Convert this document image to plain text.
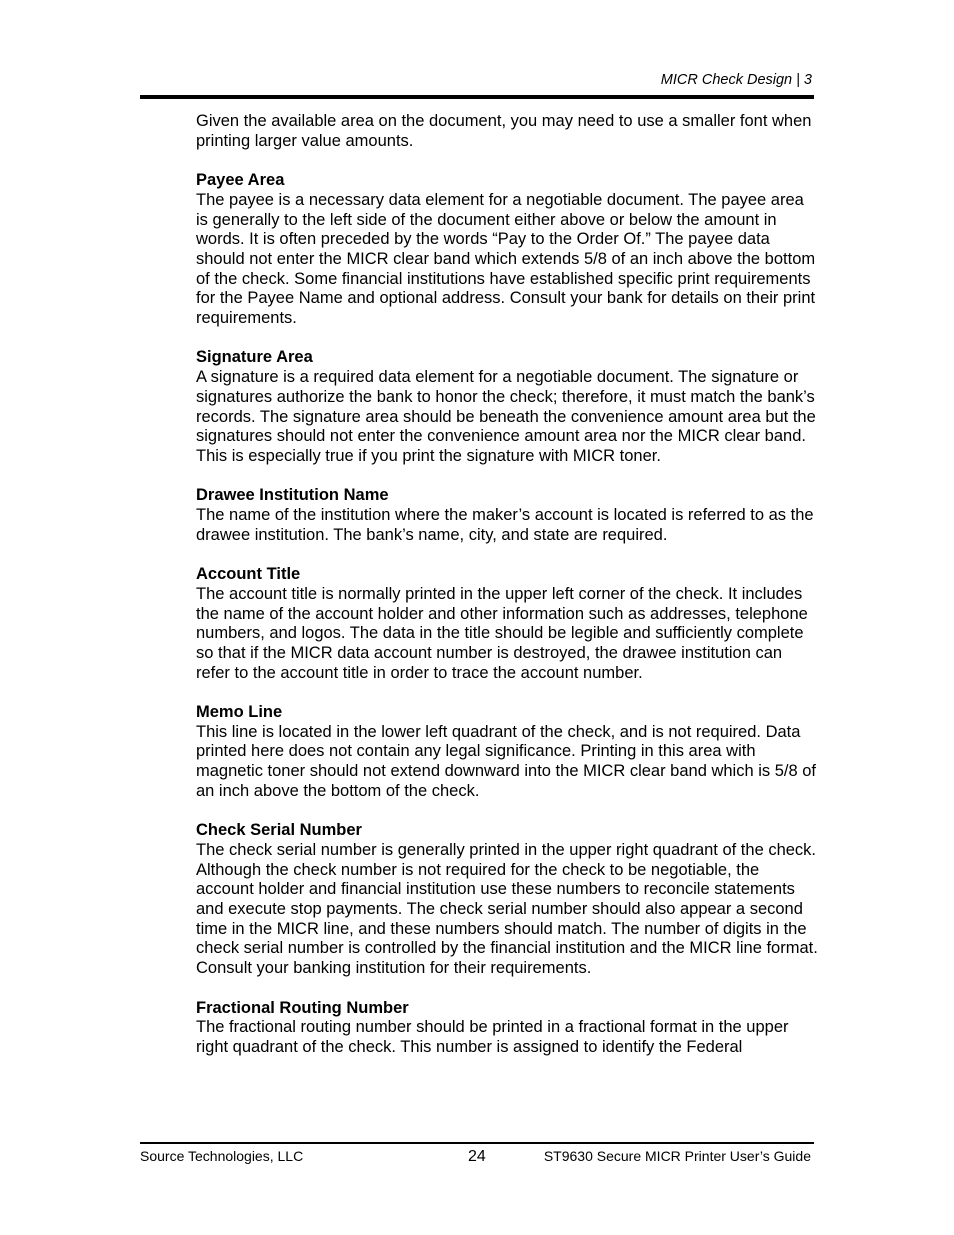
MICR Check Design | 3

Given the available area on the document, you may need to use a smaller font when printing larger value amounts.

Payee Area

The payee is a necessary data element for a negotiable document. The payee area is generally to the left side of the document either above or below the amount in words. It is often preceded by the words “Pay to the Order Of.” The payee data should not enter the MICR clear band which extends 5/8 of an inch above the bottom of the check. Some financial institutions have established specific print requirements for the Payee Name and optional address. Consult your bank for details on their print requirements.

Signature Area

A signature is a required data element for a negotiable document. The signature or signatures authorize the bank to honor the check; therefore, it must match the bank’s records. The signature area should be beneath the convenience amount area but the signatures should not enter the convenience amount area nor the MICR clear band. This is especially true if you print the signature with MICR toner.

Drawee Institution Name

The name of the institution where the maker’s account is located is referred to as the drawee institution. The bank’s name, city, and state are required.

Account Title

The account title is normally printed in the upper left corner of the check. It includes the name of the account holder and other information such as addresses, telephone numbers, and logos. The data in the title should be legible and sufficiently complete so that if the MICR data account number is destroyed, the drawee institution can refer to the account title in order to trace the account number.

Memo Line

This line is located in the lower left quadrant of the check, and is not required. Data printed here does not contain any legal significance. Printing in this area with magnetic toner should not extend downward into the MICR clear band which is 5/8 of an inch above the bottom of the check.

Check Serial Number

The check serial number is generally printed in the upper right quadrant of the check. Although the check number is not required for the check to be negotiable, the account holder and financial institution use these numbers to reconcile statements and execute stop payments. The check serial number should also appear a second time in the MICR line, and these numbers should match. The number of digits in the check serial number is controlled by the financial institution and the MICR line format. Consult your banking institution for their requirements.

Fractional Routing Number

The fractional routing number should be printed in a fractional format in the upper right quadrant of the check. This number is assigned to identify the Federal

Source Technologies, LLC	24	ST9630 Secure MICR Printer User’s Guide
